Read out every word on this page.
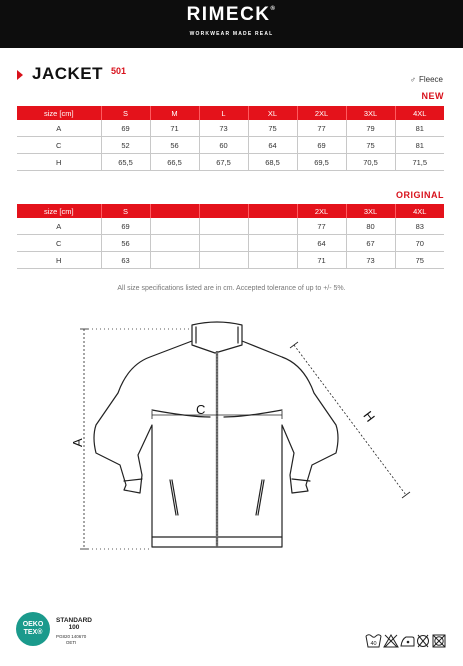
RIMECK®
WORKWEAR MADE REAL
JACKET 501
♂ Fleece
NEW
size [cm]	S	M	L	XL	2XL	3XL	4XL
A	69	71	73	75	77	79	81
C	52	56	60	64	69	75	81
H	65,5	66,5	67,5	68,5	69,5	70,5	71,5
ORIGINAL
size [cm]	S				2XL	3XL	4XL
A	69				77	80	83
C	56				64	67	70
H	63				71	73	75
All size specifications listed are in cm. Accepted tolerance of up to +/- 5%.
C
A
H
OEKO
TEX®
STANDARD
100
PG820 140670
OETI	40
